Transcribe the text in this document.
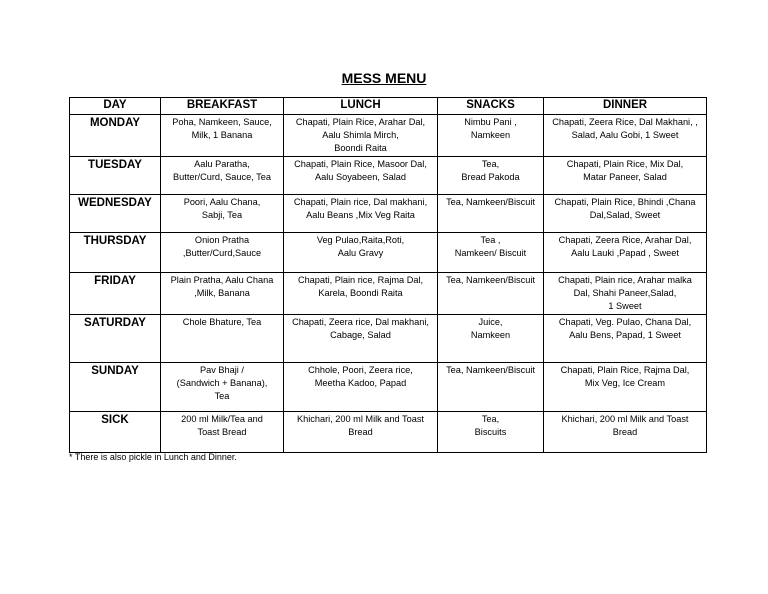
MESS MENU
DAY	BREAKFAST	LUNCH	SNACKS	DINNER
MONDAY	Poha, Namkeen, Sauce,
Milk, 1 Banana	Chapati, Plain Rice, Arahar Dal,
Aalu Shimla Mirch,
Boondi Raita	Nimbu Pani ,
Namkeen	Chapati, Zeera Rice, Dal Makhani, ,
Salad, Aalu Gobi, 1 Sweet

TUESDAY	Aalu Paratha,
Butter/Curd, Sauce, Tea	Chapati, Plain Rice, Masoor Dal,
Aalu Soyabeen, Salad	Tea,
Bread Pakoda	Chapati, Plain Rice, Mix Dal,
Matar Paneer, Salad

WEDNESDAY	Poori, Aalu Chana,
Sabji, Tea	Chapati, Plain rice, Dal makhani,
Aalu Beans ,Mix Veg Raita	Tea, Namkeen/Biscuit	Chapati, Plain Rice, Bhindi ,Chana
Dal,Salad, Sweet

THURSDAY	Onion Pratha
,Butter/Curd,Sauce	Veg Pulao,Raita,Roti,
Aalu Gravy	Tea ,
Namkeen/ Biscuit	Chapati, Zeera Rice, Arahar Dal,
Aalu Lauki ,Papad , Sweet

FRIDAY	Plain Pratha, Aalu Chana
,Milk, Banana	Chapati, Plain rice, Rajma Dal,
Karela, Boondi Raita	Tea, Namkeen/Biscuit	Chapati, Plain rice, Arahar malka
Dal, Shahi Paneer,Salad,
1 Sweet

SATURDAY	Chole Bhature, Tea	Chapati, Zeera rice, Dal makhani,
Cabage, Salad	Juice,
Namkeen	Chapati, Veg. Pulao, Chana Dal,
Aalu Bens, Papad, 1 Sweet

SUNDAY	Pav Bhaji /
(Sandwich + Banana),
Tea	Chhole, Poori, Zeera rice,
Meetha Kadoo, Papad	Tea, Namkeen/Biscuit	Chapati, Plain Rice, Rajma Dal,
Mix Veg, Ice Cream

SICK	200 ml Milk/Tea and
Toast Bread	Khichari, 200 ml Milk and Toast
Bread	Tea,
Biscuits	Khichari, 200 ml Milk and Toast
Bread
* There is also pickle in Lunch and Dinner.
